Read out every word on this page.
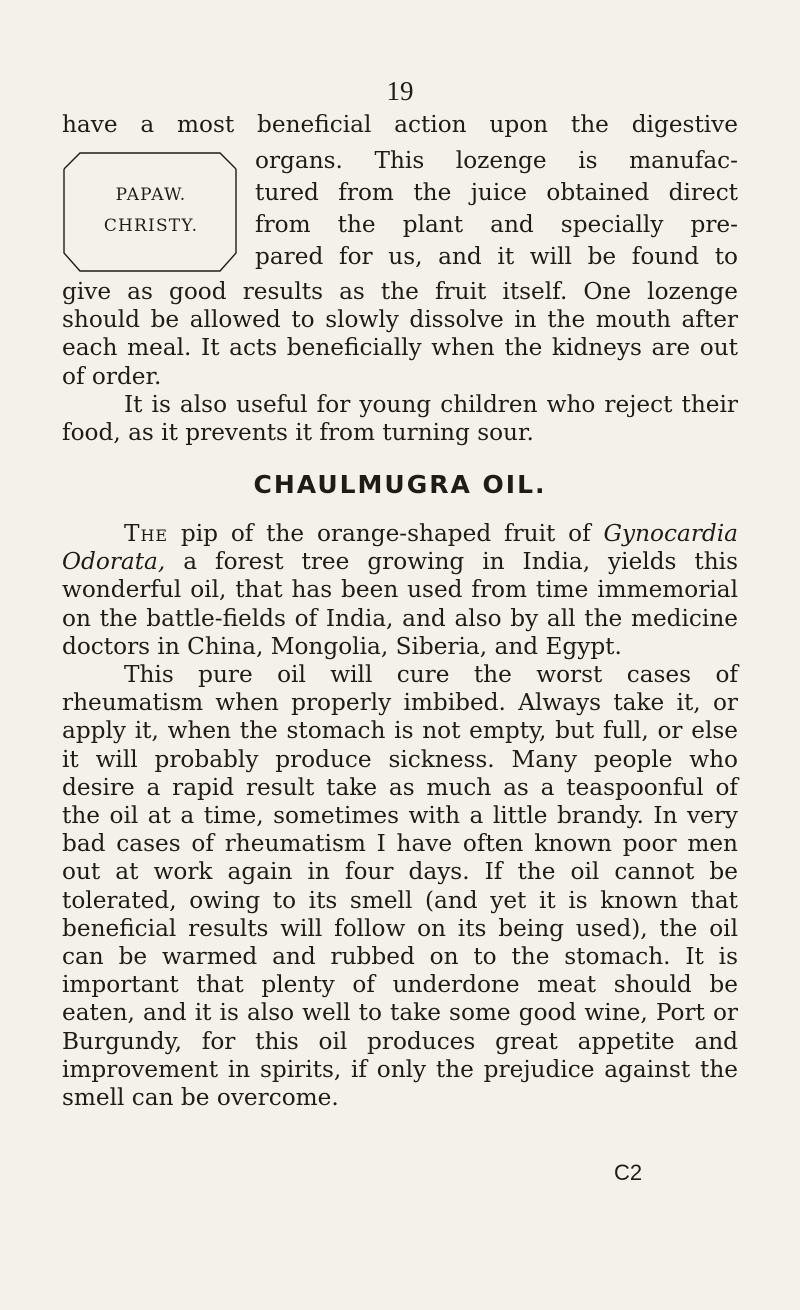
19
have a most beneficial action upon the digestive
PAPAW.
CHRISTY.
organs. This lozenge is manufac-
tured from the juice obtained direct
from the plant and specially pre-
pared for us, and it will be found to

give as good results as the fruit itself. One lozenge should be allowed to slowly dissolve in the mouth after each meal. It acts beneficially when the kidneys are out of order.

It is also useful for young children who reject their food, as it prevents it from turning sour.

CHAULMUGRA OIL.

The pip of the orange-shaped fruit of Gynocardia Odorata, a forest tree growing in India, yields this wonderful oil, that has been used from time immemorial on the battle-fields of India, and also by all the medicine doctors in China, Mongolia, Siberia, and Egypt.

This pure oil will cure the worst cases of rheumatism when properly imbibed. Always take it, or apply it, when the stomach is not empty, but full, or else it will probably produce sickness. Many people who desire a rapid result take as much as a teaspoonful of the oil at a time, sometimes with a little brandy. In very bad cases of rheumatism I have often known poor men out at work again in four days. If the oil cannot be tolerated, owing to its smell (and yet it is known that beneficial results will follow on its being used), the oil can be warmed and rubbed on to the stomach. It is important that plenty of underdone meat should be eaten, and it is also well to take some good wine, Port or Burgundy, for this oil produces great appetite and improvement in spirits, if only the prejudice against the smell can be overcome.

C2
